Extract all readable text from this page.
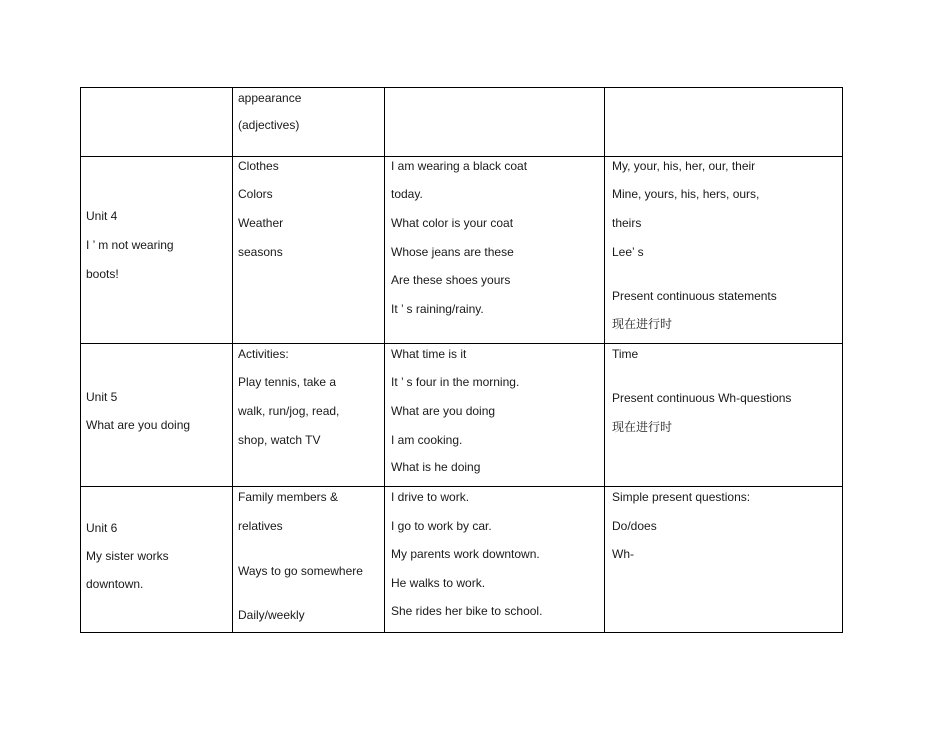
appearance
(adjectives)
Unit 4
I ’ m not wearing
boots!
Clothes
Colors
Weather
seasons
I am wearing a black coat
today.
What color is your coat
Whose jeans are these
Are these shoes yours
It ’ s raining/rainy.
My, your, his, her, our, their
Mine, yours, his, hers, ours,
theirs
Lee’ s
Present continuous statements
现在进行时
Unit 5
What are you doing
Activities:
Play tennis, take a
walk, run/jog, read,
shop, watch TV
What time is it
It ’ s four in the morning.
What are you doing
I am cooking.
What is he doing
Time
Present continuous Wh-questions
现在进行时
Unit 6
My sister works
downtown.
Family members &
relatives
Ways to go somewhere
Daily/weekly
I drive to work.
I go to work by car.
My parents work downtown.
He walks to work.
She rides her bike to school.
Simple present questions:
Do/does
Wh-
